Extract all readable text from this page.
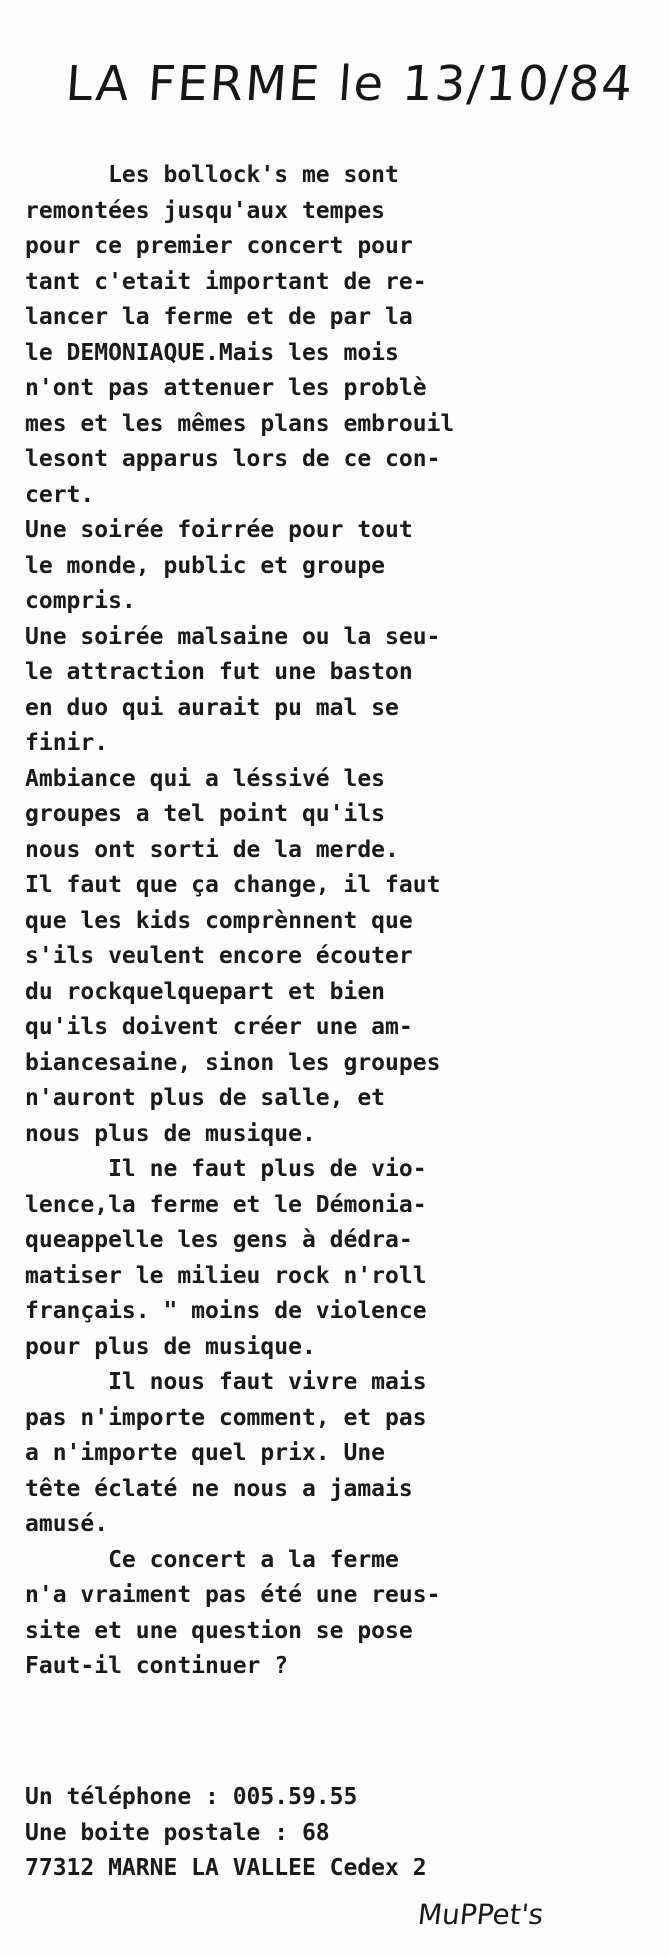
LA FERME le 13/10/84
Les bollock's me sont
remontées jusqu'aux tempes
pour ce premier concert pour
tant c'etait important de re-
lancer la ferme et de par la
le DEMONIAQUE.Mais les mois
n'ont pas attenuer les problè
mes et les mêmes plans embrouil
lesont apparus lors de ce con-
cert.
Une soirée foirrée pour tout
le monde, public et groupe
compris.
Une soirée malsaine ou la seu-
le attraction fut une baston
en duo qui aurait pu mal se
finir.
Ambiance qui a léssivé les
groupes a tel point qu'ils
nous ont sorti de la merde.
Il faut que ça change, il faut
que les kids comprènnent que
s'ils veulent encore écouter
du rockquelquepart et bien
qu'ils doivent créer une am-
biancesaine, sinon les groupes
n'auront plus de salle, et
nous plus de musique.
Il ne faut plus de vio-
lence,la ferme et le Démonia-
queappelle les gens à dédra-
matiser le milieu rock n'roll
français. " moins de violence
pour plus de musique.
Il nous faut vivre mais
pas n'importe comment, et pas
a n'importe quel prix. Une
tête éclaté ne nous a jamais
amusé.
Ce concert a la ferme
n'a vraiment pas été une reus-
site et une question se pose
Faut-il continuer ?
Un téléphone : 005.59.55
Une boite postale : 68
77312 MARNE LA VALLEE Cedex 2
MuPPet's
